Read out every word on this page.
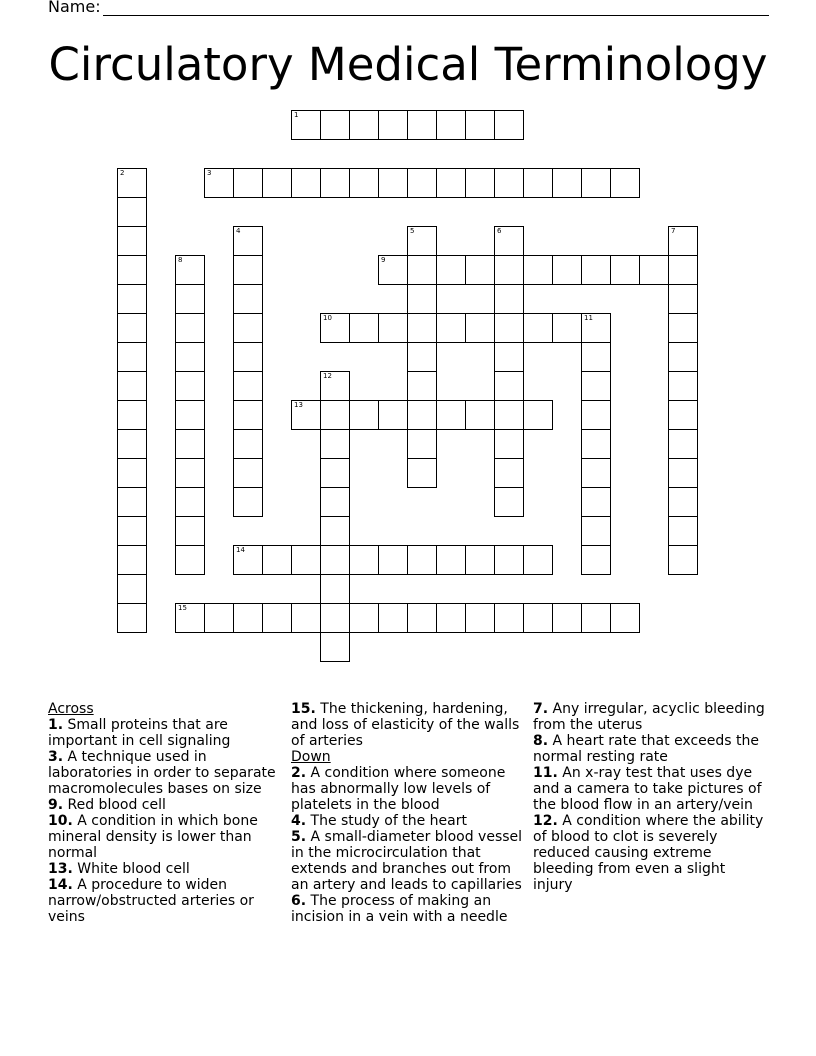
Name:
Circulatory Medical Terminology
1
2	3
4	5	6	7
8	9
10	11
12
13
14
15
Across
1. Small proteins that are important in cell signaling
3. A technique used in laboratories in order to separate macromolecules bases on size
9. Red blood cell
10. A condition in which bone mineral density is lower than normal
13. White blood cell
14. A procedure to widen narrow/obstructed arteries or veins
15. The thickening, hardening, and loss of elasticity of the walls of arteries
Down
2. A condition where someone has abnormally low levels of platelets in the blood
4. The study of the heart
5. A small-diameter blood vessel in the microcirculation that extends and branches out from an artery and leads to capillaries
6. The process of making an incision in a vein with a needle
7. Any irregular, acyclic bleeding from the uterus
8. A heart rate that exceeds the normal resting rate
11. An x-ray test that uses dye and a camera to take pictures of the blood flow in an artery/vein
12. A condition where the ability of blood to clot is severely reduced causing extreme bleeding from even a slight injury
